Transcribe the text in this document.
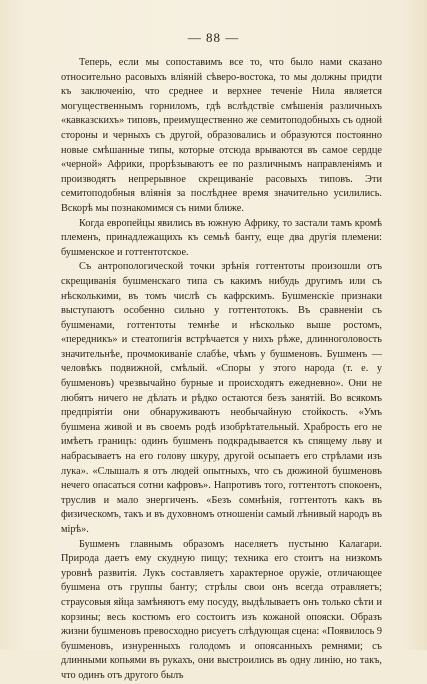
— 88 —

Теперь, если мы сопоставимъ все то, что было нами сказано относительно расовыхъ вліяній сѣверо-востока, то мы должны придти къ заключенію, что среднее и верхнее теченіе Нила является могущественнымъ горниломъ, гдѣ вслѣдствіе смѣшенія различныхъ «кавказскихъ» типовъ, преимущественно же семитоподобныхъ съ одной стороны и черныхъ съ другой, образовались и образуются постоянно новые смѣшанные типы, которые отсюда врываются въ самое сердце «черной» Африки, прорѣзываютъ ее по различнымъ направленіямъ и производятъ непрерывное скрещиваніе расовыхъ типовъ. Эти семитоподобныя вліянія за послѣднее время значительно усилились. Вскорѣ мы познакомимся съ ними ближе.

Когда европейцы явились въ южную Африку, то застали тамъ кромѣ племенъ, принадлежащихъ къ семьѣ банту, еще два другія племени: бушменское и готтентотское.

Съ антропологической точки зрѣнія готтентоты произошли отъ скрещиванія бушменскаго типа съ какимъ нибудь другимъ или съ нѣсколькими, въ томъ числѣ съ кафрскимъ. Бушменскіе признаки выступаютъ особенно сильно у готтентотокъ. Въ сравненіи съ бушменами, готтентоты темнѣе и нѣсколько выше ростомъ, «передникъ» и стеатопигія встрѣчается у нихъ рѣже, длинноголовость значительнѣе, прочмокиваніе слабѣе, чѣмъ у бушменовъ. Бушменъ — человѣкъ подвижной, смѣлый. «Споры у этого народа (т. е. у бушменовъ) чрезвычайно бурные и происходятъ ежедневно». Они не любятъ ничего не дѣлать и рѣдко остаются безъ занятій. Во всякомъ предпріятіи они обнаруживаютъ необычайную стойкость. «Умъ бушмена живой и въ своемъ родѣ изобрѣтательный. Храбрость его не имѣетъ границъ: одинъ бушменъ подкрадывается къ спящему льву и набрасываетъ на его голову шкуру, другой осыпаетъ его стрѣлами изъ лука». «Слышалъ я отъ людей опытныхъ, что съ дюжиной бушменовъ нечего опасаться сотни кафровъ». Напротивъ того, готтентотъ спокоенъ, труслив и мало энергиченъ. «Безъ сомнѣнія, готтентотъ какъ въ физическомъ, такъ и въ духовномъ отношеніи самый лѣнивый народъ въ мірѣ».

Бушменъ главнымъ образомъ населяетъ пустыню Калагари. Природа даетъ ему скудную пищу; техника его стоитъ на низкомъ уровнѣ развитія. Лукъ составляетъ характерное оружіе, отличающее бушмена отъ группы банту; стрѣлы свои онъ всегда отравляетъ; страусовыя яйца замѣняютъ ему посуду, выдѣлываетъ онъ только сѣти и корзины; весь костюмъ его состоитъ изъ кожаной опояски. Образъ жизни бушменовъ превосходно рисуетъ слѣдующая сцена: «Появилось 9 бушменовъ, изнуренныхъ голодомъ и опоясанныхъ ремнями; съ длинными копьями въ рукахъ, они выстроились въ одну линію, но такъ, что одинъ отъ другого былъ
